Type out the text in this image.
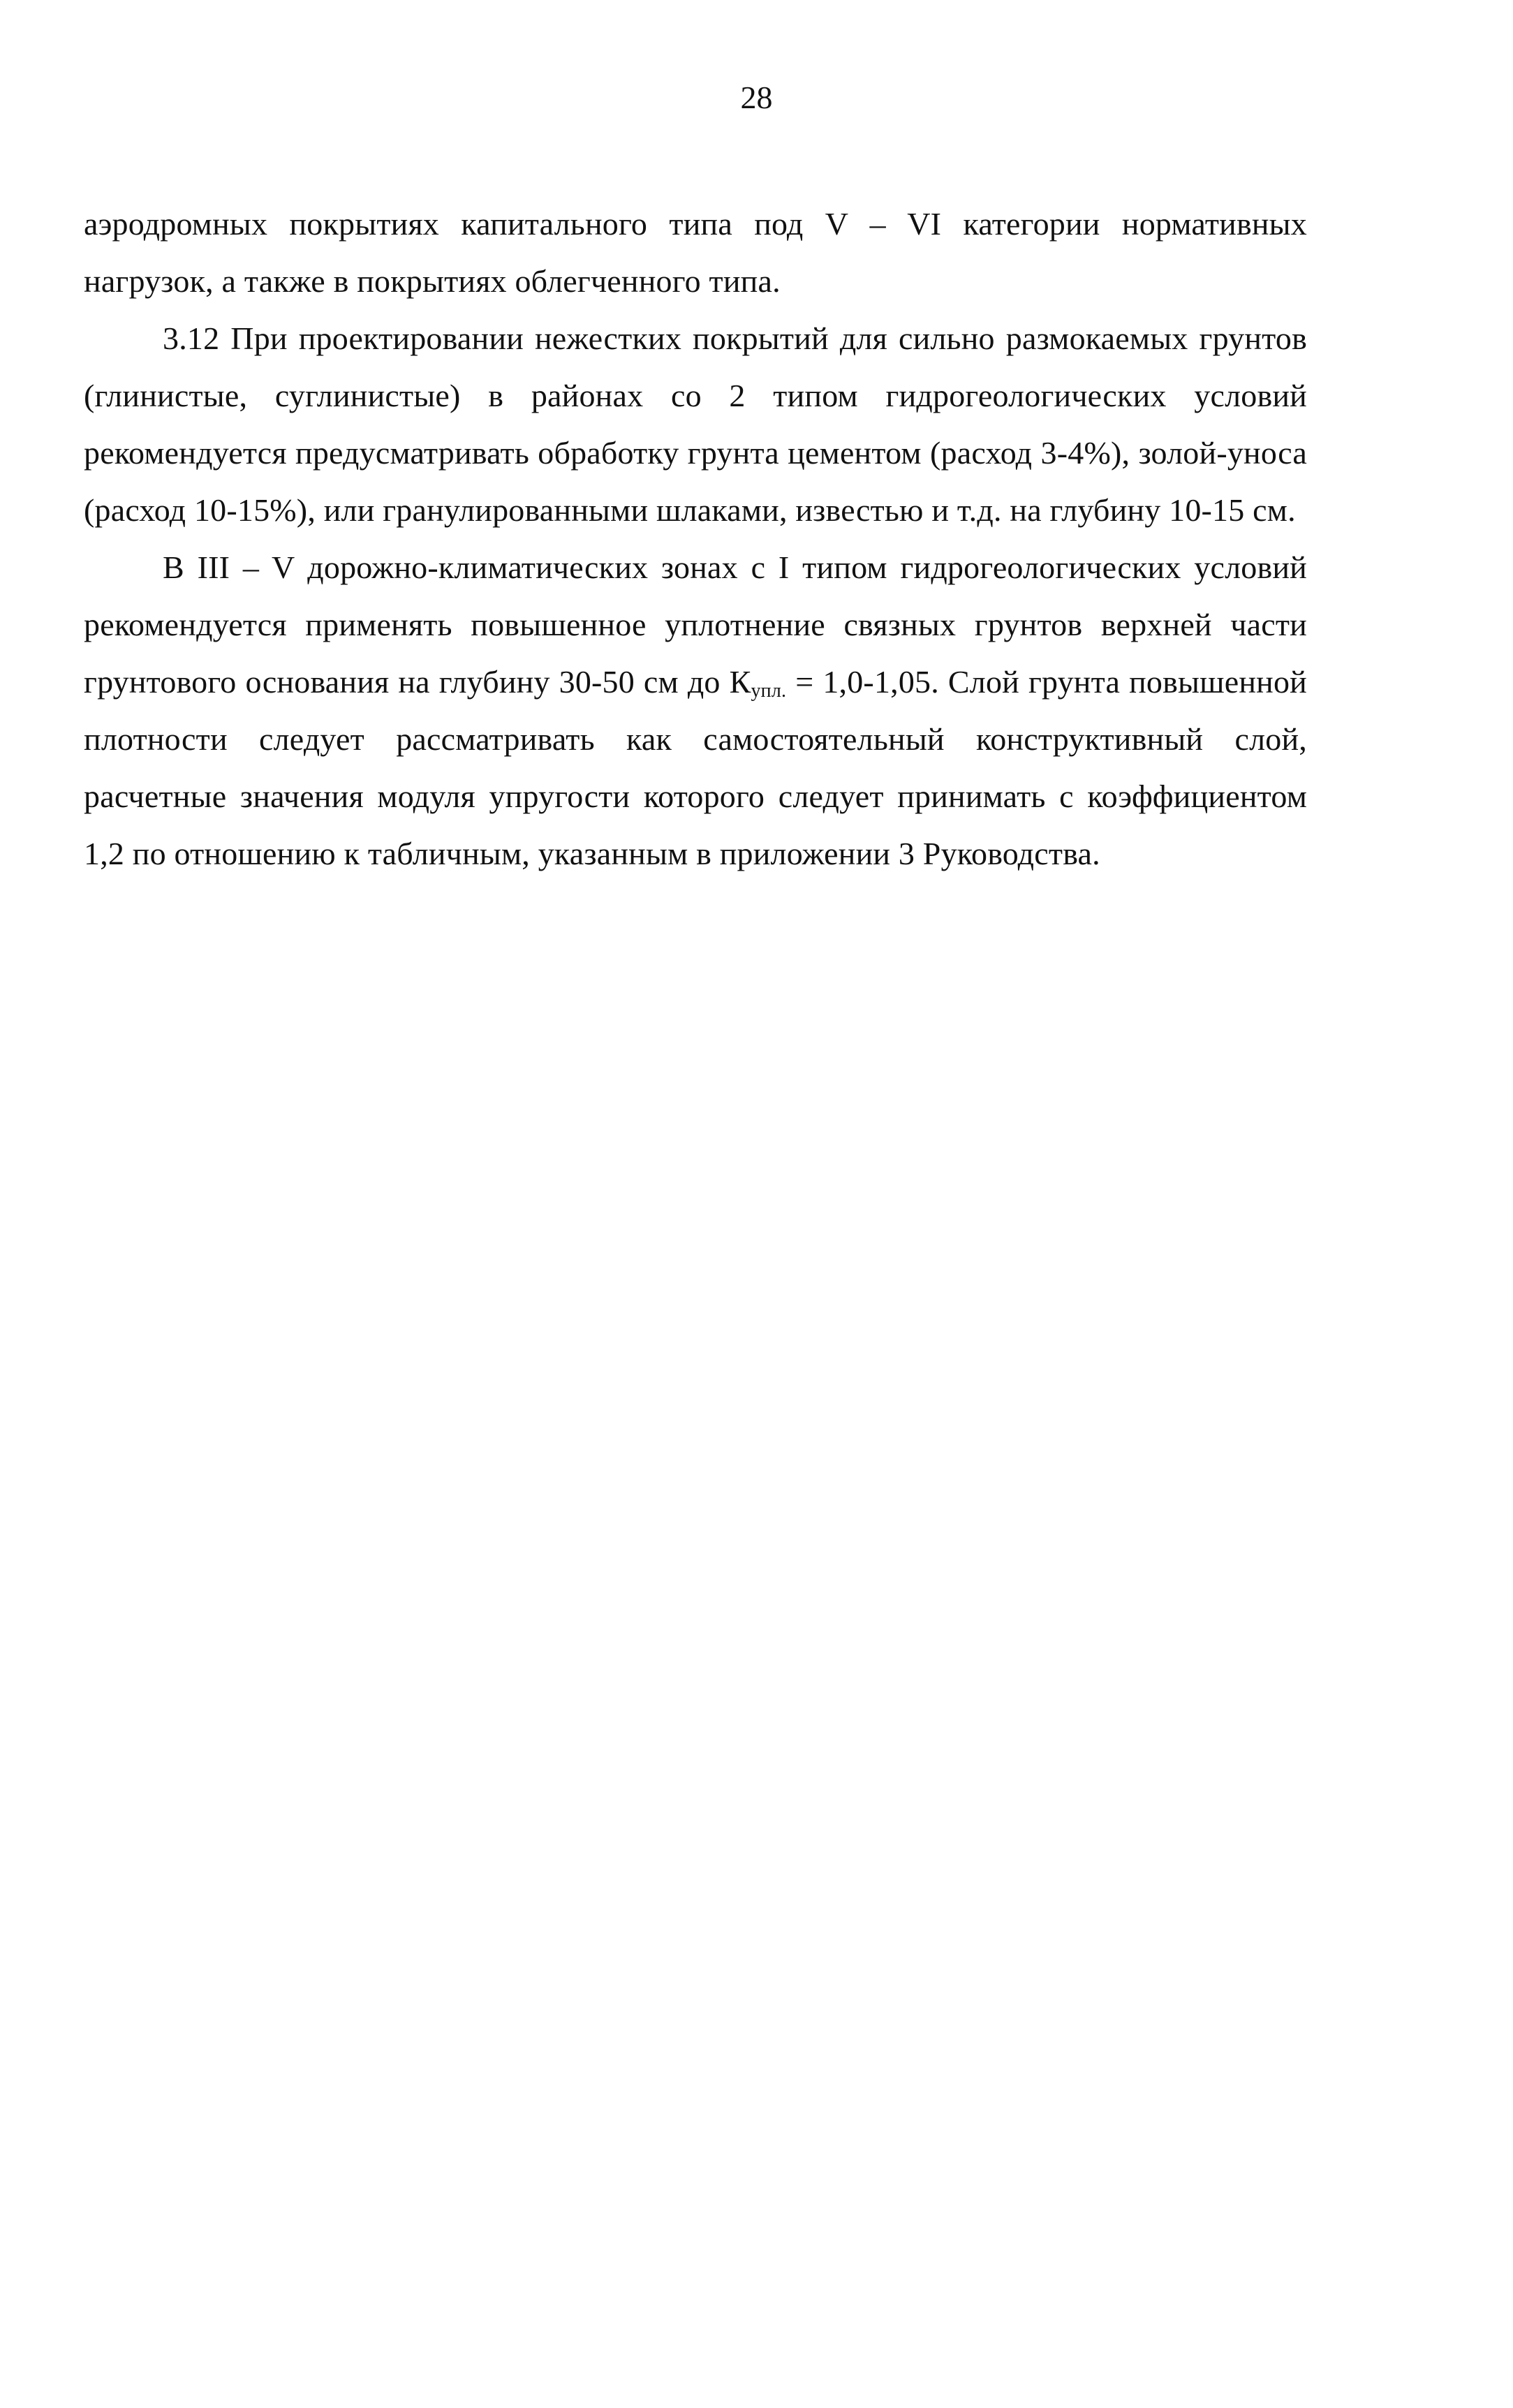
28

аэродромных покрытиях капитального типа под V – VI категории нормативных нагрузок, а также в покрытиях облегченного типа.

3.12 При проектировании нежестких покрытий для сильно размокаемых грунтов (глинистые, суглинистые) в районах со 2 типом гидрогеологических условий рекомендуется предусматривать обработку грунта цементом (расход 3-4%), золой-уноса (расход 10-15%), или гранулированными шлаками, известью и т.д. на глубину 10-15 см.

В III – V дорожно-климатических зонах с I типом гидрогеологических условий рекомендуется применять повышенное уплотнение связных грунтов верхней части грунтового основания на глубину 30-50 см до $К_{упл.} = 1,0-1,05$. Слой грунта повышенной плотности следует рассматривать как самостоятельный конструктивный слой, расчетные значения модуля упругости которого следует принимать с коэффициентом 1,2 по отношению к табличным, указанным в приложении 3 Руководства.
